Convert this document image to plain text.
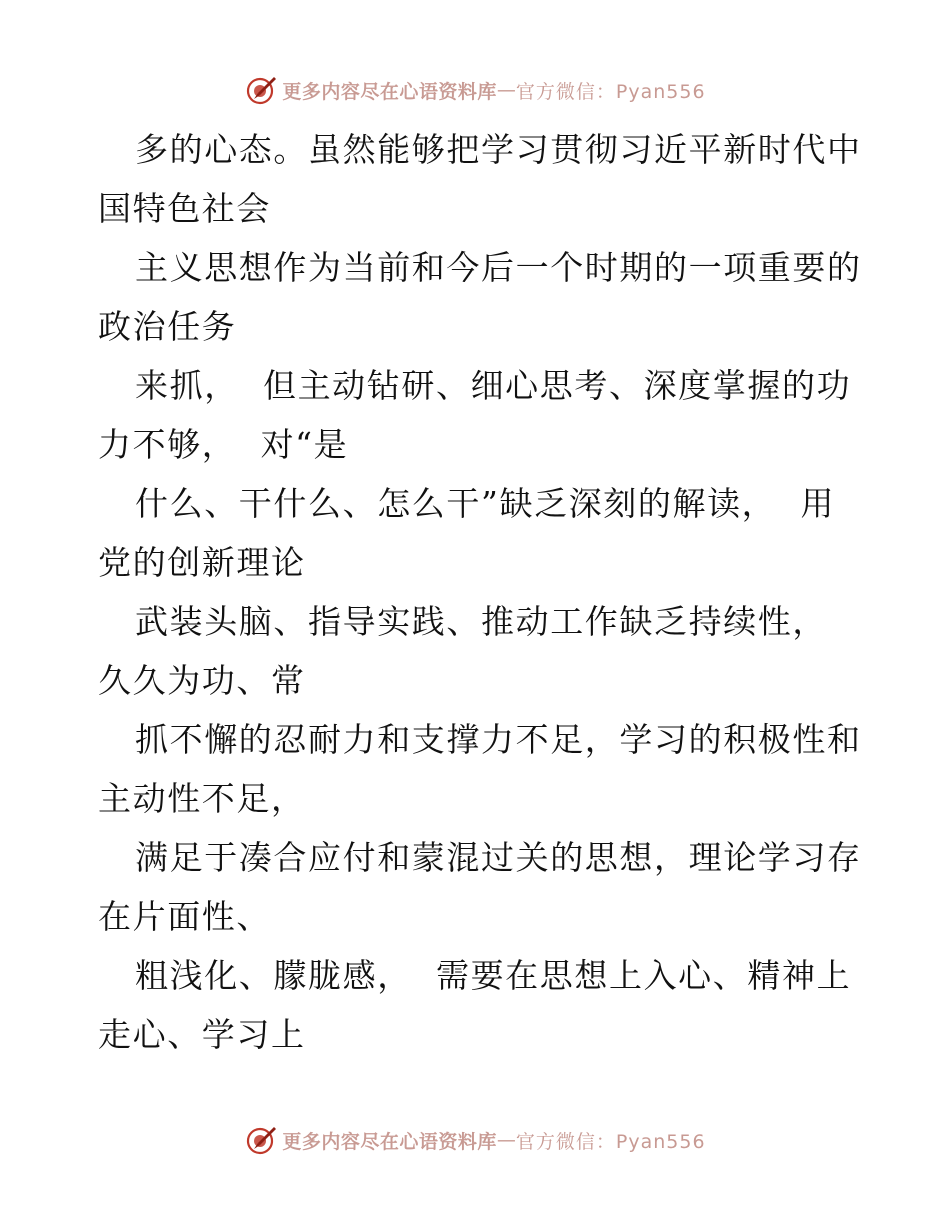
更多内容尽在心语资料库 — 官方微信：Pyan556
多的心态。虽然能够把学习贯彻习近平新时代中
国特色社会
主义思想作为当前和今后一个时期的一项重要的
政治任务
来抓，  但主动钻研、细心思考、深度掌握的功
力不够，  对“是
什么、干什么、怎么干”缺乏深刻的解读，  用
党的创新理论
武装头脑、指导实践、推动工作缺乏持续性，
久久为功、常
抓不懈的忍耐力和支撑力不足，学习的积极性和
主动性不足，
满足于凑合应付和蒙混过关的思想，理论学习存
在片面性、
粗浅化、朦胧感，  需要在思想上入心、精神上
走心、学习上
更多内容尽在心语资料库 — 官方微信：Pyan556
